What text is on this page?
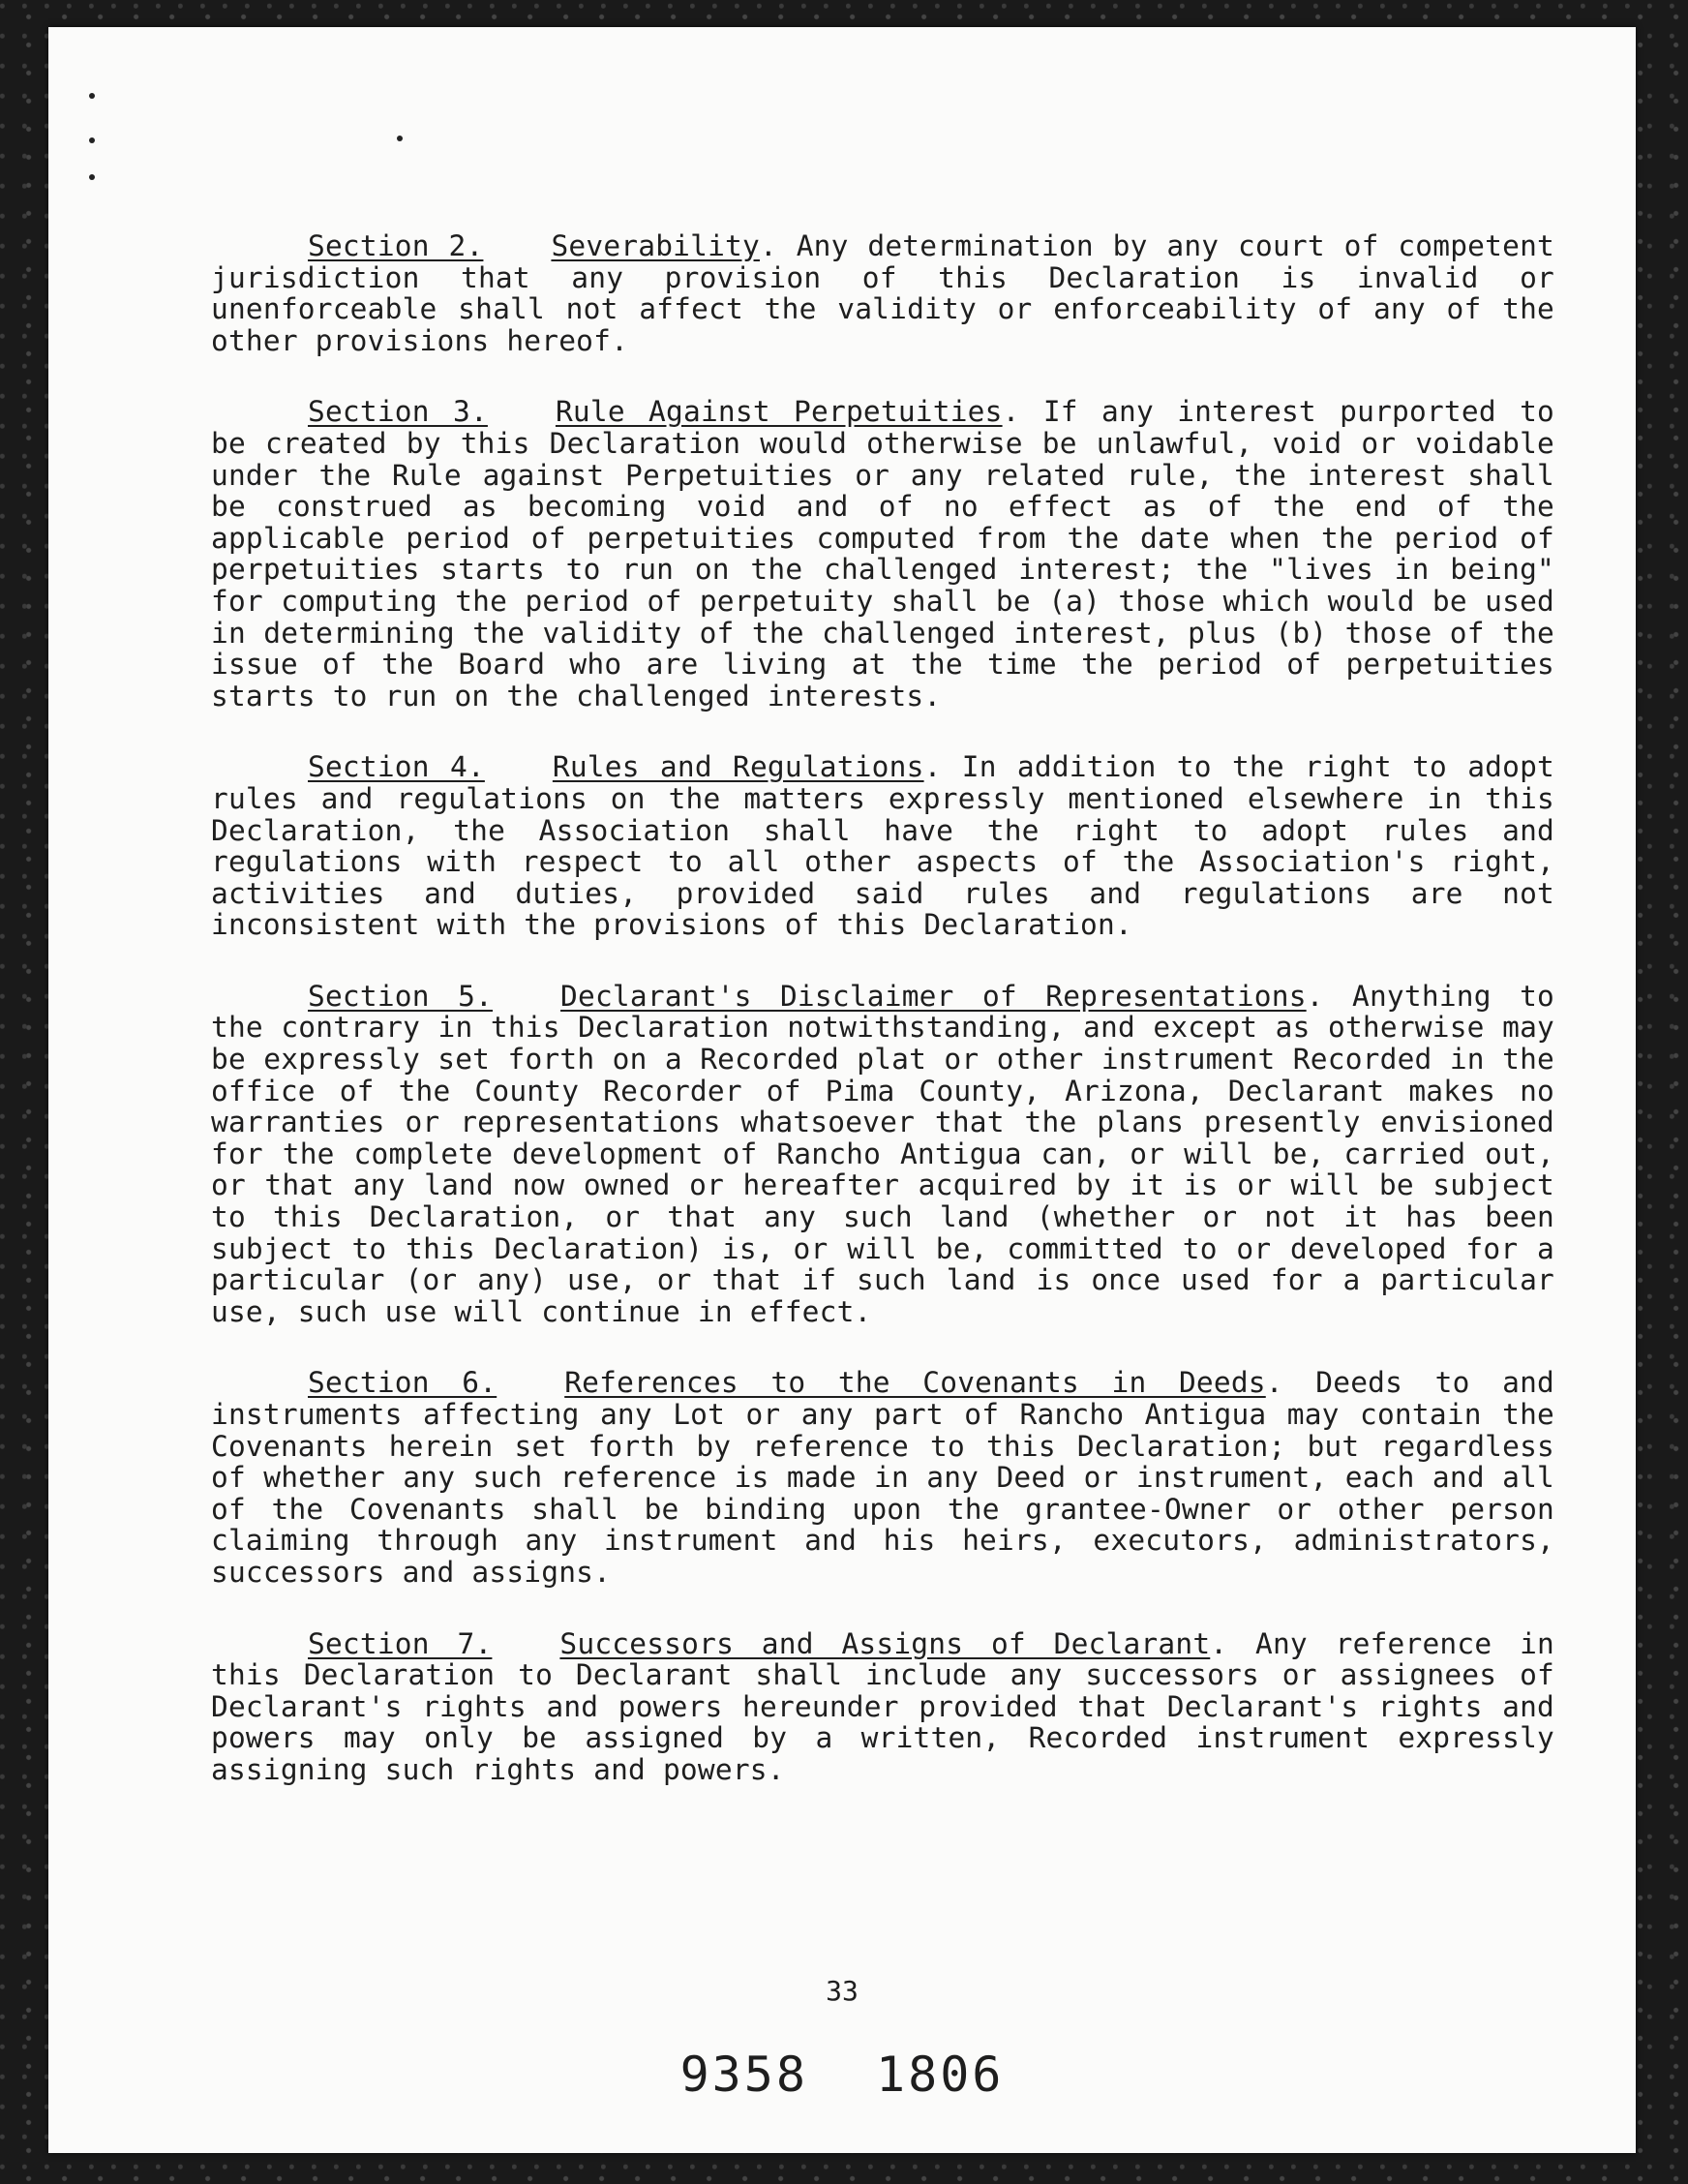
Section 2. Severability. Any determination by any court of competent jurisdiction that any provision of this Declaration is invalid or unenforceable shall not affect the validity or enforceability of any of the other provisions hereof.

Section 3. Rule Against Perpetuities. If any interest purported to be created by this Declaration would otherwise be unlawful, void or voidable under the Rule against Perpetuities or any related rule, the interest shall be construed as becoming void and of no effect as of the end of the applicable period of perpetuities computed from the date when the period of perpetuities starts to run on the challenged interest; the "lives in being" for computing the period of perpetuity shall be (a) those which would be used in determining the validity of the challenged interest, plus (b) those of the issue of the Board who are living at the time the period of perpetuities starts to run on the challenged interests.

Section 4. Rules and Regulations. In addition to the right to adopt rules and regulations on the matters expressly mentioned elsewhere in this Declaration, the Association shall have the right to adopt rules and regulations with respect to all other aspects of the Association's right, activities and duties, provided said rules and regulations are not inconsistent with the provisions of this Declaration.

Section 5. Declarant's Disclaimer of Representations. Anything to the contrary in this Declaration notwithstanding, and except as otherwise may be expressly set forth on a Recorded plat or other instrument Recorded in the office of the County Recorder of Pima County, Arizona, Declarant makes no warranties or representations whatsoever that the plans presently envisioned for the complete development of Rancho Antigua can, or will be, carried out, or that any land now owned or hereafter acquired by it is or will be subject to this Declaration, or that any such land (whether or not it has been subject to this Declaration) is, or will be, committed to or developed for a particular (or any) use, or that if such land is once used for a particular use, such use will continue in effect.

Section 6. References to the Covenants in Deeds. Deeds to and instruments affecting any Lot or any part of Rancho Antigua may contain the Covenants herein set forth by reference to this Declaration; but regardless of whether any such reference is made in any Deed or instrument, each and all of the Covenants shall be binding upon the grantee-Owner or other person claiming through any instrument and his heirs, executors, administrators, successors and assigns.

Section 7. Successors and Assigns of Declarant. Any reference in this Declaration to Declarant shall include any successors or assignees of Declarant's rights and powers hereunder provided that Declarant's rights and powers may only be assigned by a written, Recorded instrument expressly assigning such rights and powers.

33
9358 1806
